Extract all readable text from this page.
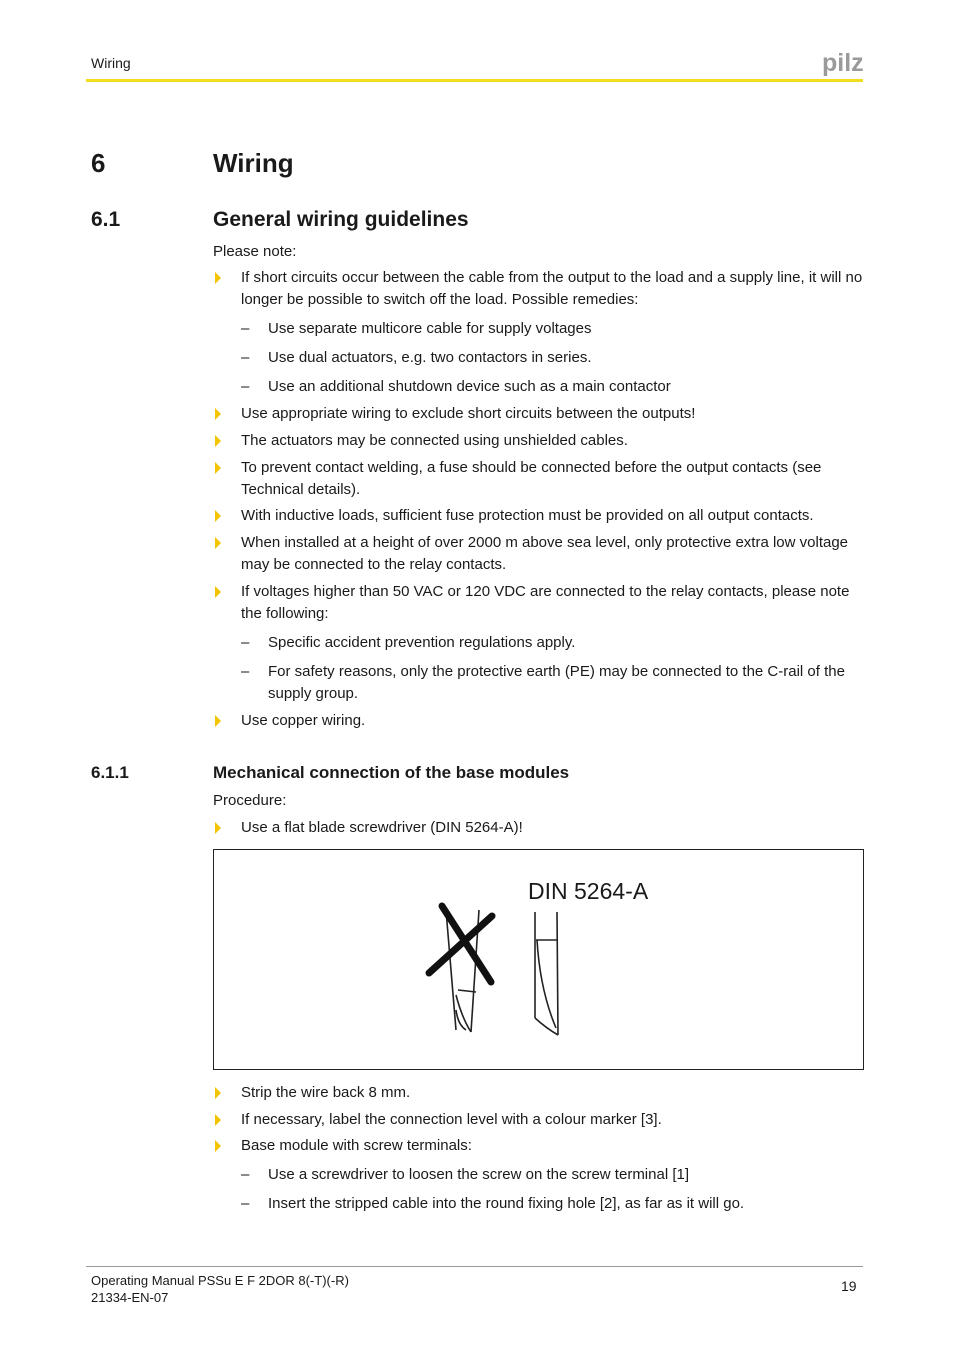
Wiring	pilz
6	Wiring
6.1	General wiring guidelines
Please note:
If short circuits occur between the cable from the output to the load and a supply line, it will no longer be possible to switch off the load. Possible remedies:
– Use separate multicore cable for supply voltages
– Use dual actuators, e.g. two contactors in series.
– Use an additional shutdown device such as a main contactor
Use appropriate wiring to exclude short circuits between the outputs!
The actuators may be connected using unshielded cables.
To prevent contact welding, a fuse should be connected before the output contacts (see Technical details).
With inductive loads, sufficient fuse protection must be provided on all output contacts.
When installed at a height of over 2000 m above sea level, only protective extra low voltage may be connected to the relay contacts.
If voltages higher than 50 VAC or 120 VDC are connected to the relay contacts, please note the following:
– Specific accident prevention regulations apply.
– For safety reasons, only the protective earth (PE) may be connected to the C-rail of the supply group.
Use copper wiring.
6.1.1	Mechanical connection of the base modules
Procedure:
Use a flat blade screwdriver (DIN 5264-A)!
DIN 5264-A
Strip the wire back 8 mm.
If necessary, label the connection level with a colour marker [3].
Base module with screw terminals:
– Use a screwdriver to loosen the screw on the screw terminal [1]
– Insert the stripped cable into the round fixing hole [2], as far as it will go.
Operating Manual PSSu E F 2DOR 8(-T)(-R)
21334-EN-07
19
